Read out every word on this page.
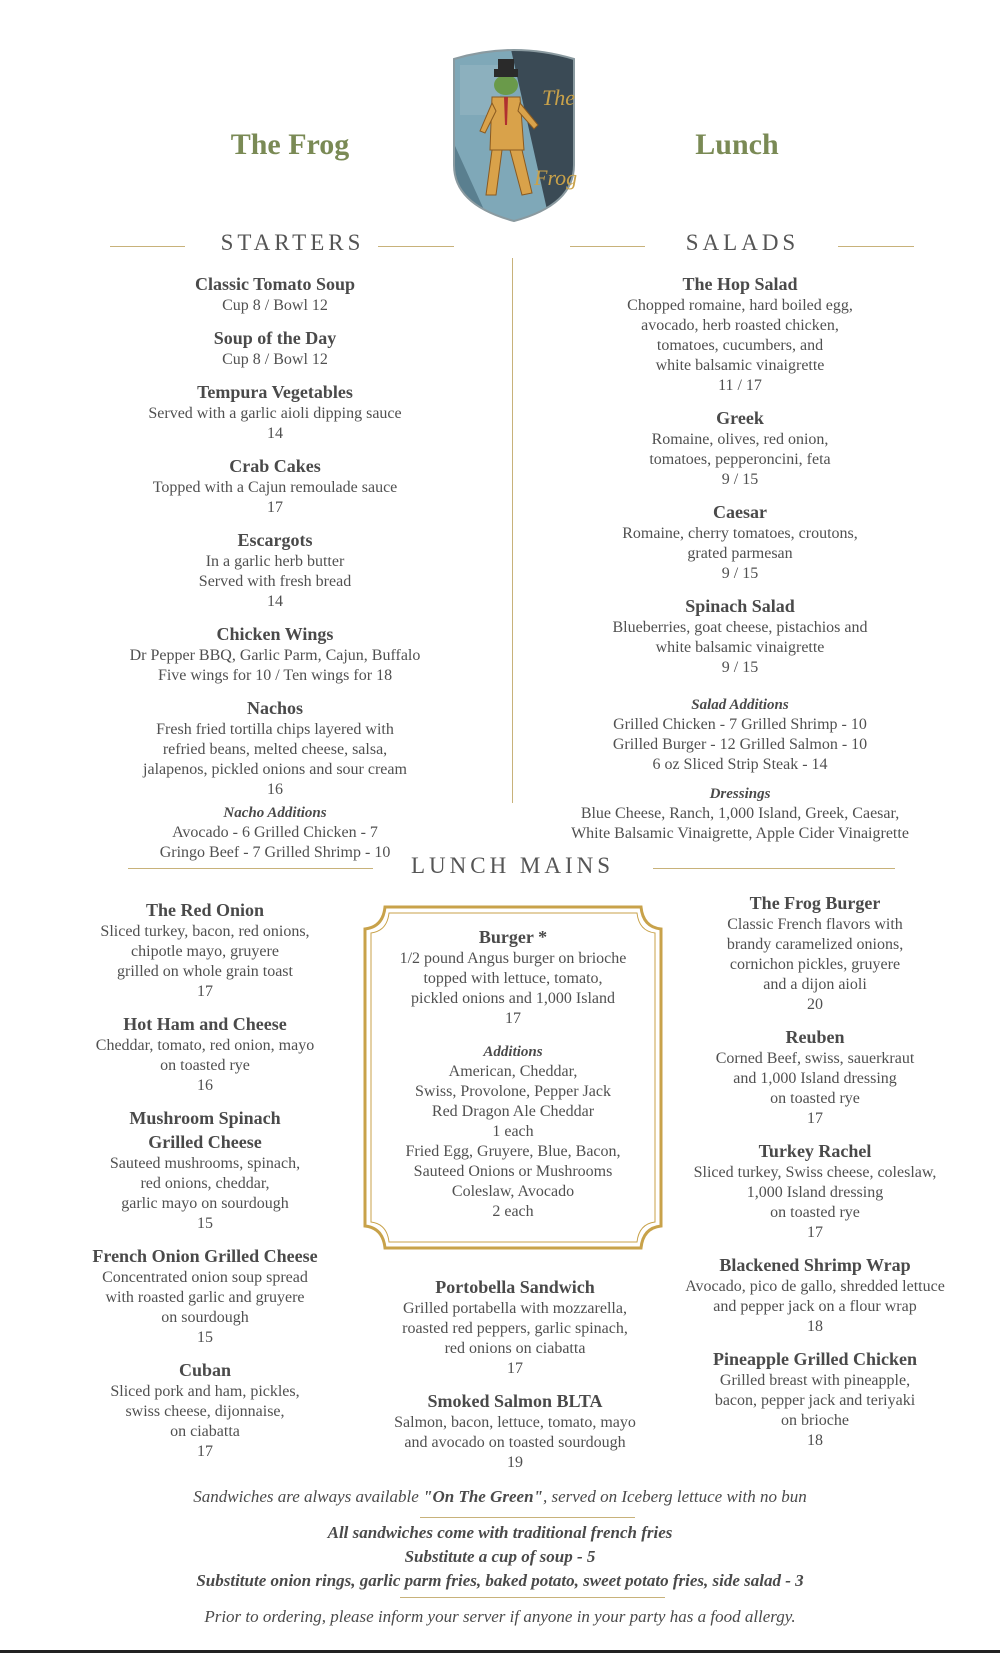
The Frog	Lunch
The
Frog
STARTERS	SALADS
Classic Tomato Soup
Cup 8 / Bowl 12
Soup of the Day
Cup 8 / Bowl 12
Tempura Vegetables
Served with a garlic aioli dipping sauce
14
Crab Cakes
Topped with a Cajun remoulade sauce
17
Escargots
In a garlic herb butter
Served with fresh bread
14
Chicken Wings
Dr Pepper BBQ, Garlic Parm, Cajun, Buffalo
Five wings for 10 / Ten wings for 18
Nachos
Fresh fried tortilla chips layered with
refried beans, melted cheese, salsa,
jalapenos, pickled onions and sour cream
16
Nacho Additions
Avocado - 6 Grilled Chicken - 7
Gringo Beef - 7 Grilled Shrimp - 10
The Hop Salad
Chopped romaine, hard boiled egg,
avocado, herb roasted chicken,
tomatoes, cucumbers, and
white balsamic vinaigrette
11 / 17
Greek
Romaine, olives, red onion,
tomatoes, pepperoncini, feta
9 / 15
Caesar
Romaine, cherry tomatoes, croutons,
grated parmesan
9 / 15
Spinach Salad
Blueberries, goat cheese, pistachios and
white balsamic vinaigrette
9 / 15
Salad Additions
Grilled Chicken - 7 Grilled Shrimp - 10
Grilled Burger - 12 Grilled Salmon - 10
6 oz Sliced Strip Steak - 14
Dressings
Blue Cheese, Ranch, 1,000 Island, Greek, Caesar,
White Balsamic Vinaigrette, Apple Cider Vinaigrette
LUNCH MAINS
The Red Onion
Sliced turkey, bacon, red onions,
chipotle mayo, gruyere
grilled on whole grain toast
17
Hot Ham and Cheese
Cheddar, tomato, red onion, mayo
on toasted rye
16
Mushroom Spinach Grilled Cheese
Sauteed mushrooms, spinach,
red onions, cheddar,
garlic mayo on sourdough
15
French Onion Grilled Cheese
Concentrated onion soup spread
with roasted garlic and gruyere
on sourdough
15
Cuban
Sliced pork and ham, pickles,
swiss cheese, dijonnaise,
on ciabatta
17
Burger *
1/2 pound Angus burger on brioche
topped with lettuce, tomato,
pickled onions and 1,000 Island
17
Additions
American, Cheddar,
Swiss, Provolone, Pepper Jack
Red Dragon Ale Cheddar
1 each
Fried Egg, Gruyere, Blue, Bacon,
Sauteed Onions or Mushrooms
Coleslaw, Avocado
2 each
Portobella Sandwich
Grilled portabella with mozzarella,
roasted red peppers, garlic spinach,
red onions on ciabatta
17
Smoked Salmon BLTA
Salmon, bacon, lettuce, tomato, mayo
and avocado on toasted sourdough
19
The Frog Burger
Classic French flavors with
brandy caramelized onions,
cornichon pickles, gruyere
and a dijon aioli
20
Reuben
Corned Beef, swiss, sauerkraut
and 1,000 Island dressing
on toasted rye
17
Turkey Rachel
Sliced turkey, Swiss cheese, coleslaw,
1,000 Island dressing
on toasted rye
17
Blackened Shrimp Wrap
Avocado, pico de gallo, shredded lettuce
and pepper jack on a flour wrap
18
Pineapple Grilled Chicken
Grilled breast with pineapple,
bacon, pepper jack and teriyaki
on brioche
18
Sandwiches are always available "On The Green", served on Iceberg lettuce with no bun
All sandwiches come with traditional french fries
Substitute a cup of soup - 5
Substitute onion rings, garlic parm fries, baked potato, sweet potato fries, side salad - 3
Prior to ordering, please inform your server if anyone in your party has a food allergy.
